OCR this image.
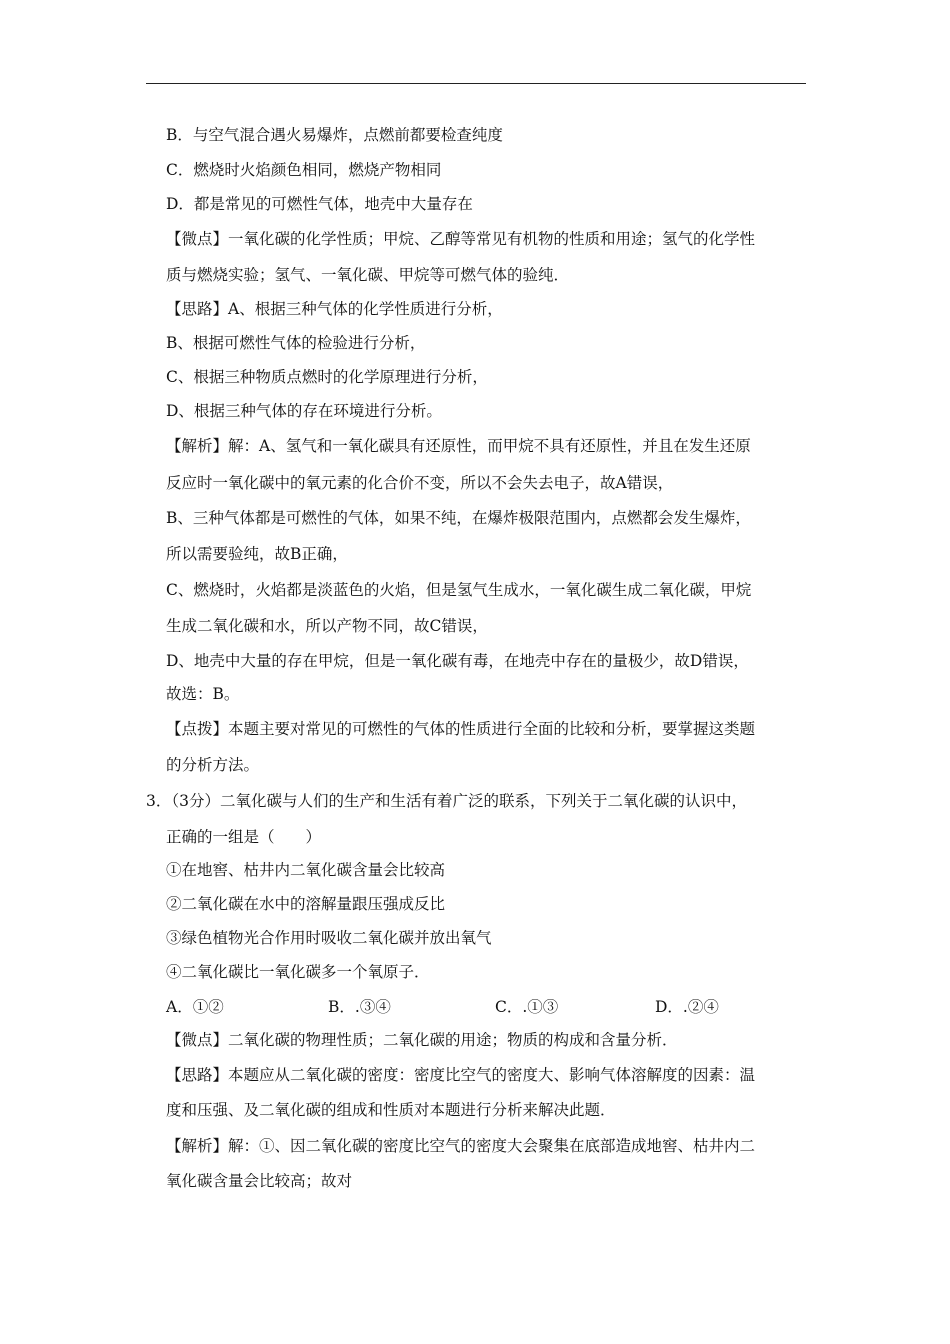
B．与空气混合遇火易爆炸，点燃前都要检查纯度
C．燃烧时火焰颜色相同，燃烧产物相同
D．都是常见的可燃性气体，地壳中大量存在
【微点】一氧化碳的化学性质；甲烷、乙醇等常见有机物的性质和用途；氢气的化学性
质与燃烧实验；氢气、一氧化碳、甲烷等可燃气体的验纯．
【思路】A、根据三种气体的化学性质进行分析，
B、根据可燃性气体的检验进行分析，
C、根据三种物质点燃时的化学原理进行分析，
D、根据三种气体的存在环境进行分析。
【解析】解：A、氢气和一氧化碳具有还原性，而甲烷不具有还原性，并且在发生还原
反应时一氧化碳中的氧元素的化合价不变，所以不会失去电子，故A错误，
B、三种气体都是可燃性的气体，如果不纯，在爆炸极限范围内，点燃都会发生爆炸，
所以需要验纯，故B正确，
C、燃烧时，火焰都是淡蓝色的火焰，但是氢气生成水，一氧化碳生成二氧化碳，甲烷
生成二氧化碳和水，所以产物不同，故C错误，
D、地壳中大量的存在甲烷，但是一氧化碳有毒，在地壳中存在的量极少，故D错误，
故选：B。
【点拨】本题主要对常见的可燃性的气体的性质进行全面的比较和分析，要掌握这类题
的分析方法。
3．（3分）二氧化碳与人们的生产和生活有着广泛的联系，下列关于二氧化碳的认识中，
正确的一组是（　　）
①在地窖、枯井内二氧化碳含量会比较高
②二氧化碳在水中的溶解量跟压强成反比
③绿色植物光合作用时吸收二氧化碳并放出氧气
④二氧化碳比一氧化碳多一个氧原子．
A．①②	B．.③④	C．.①③	D．.②④
【微点】二氧化碳的物理性质；二氧化碳的用途；物质的构成和含量分析．
【思路】本题应从二氧化碳的密度：密度比空气的密度大、影响气体溶解度的因素：温
度和压强、及二氧化碳的组成和性质对本题进行分析来解决此题．
【解析】解：①、因二氧化碳的密度比空气的密度大会聚集在底部造成地窖、枯井内二
氧化碳含量会比较高；故对
